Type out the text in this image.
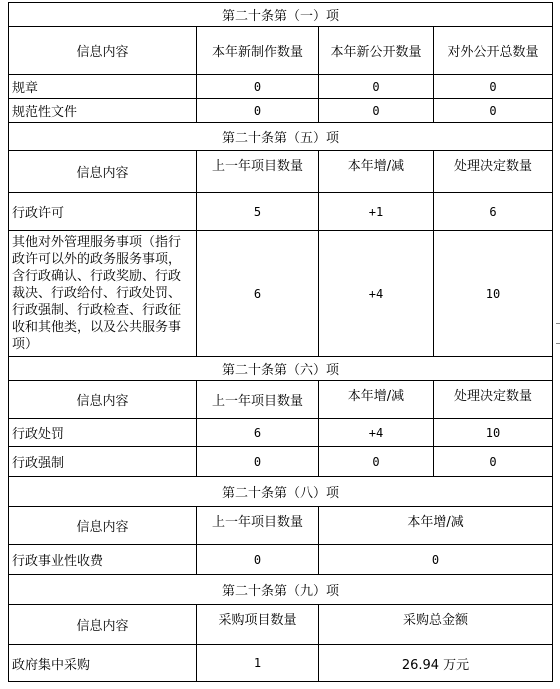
第二十条第（一）项			
信息内容	本年新制作数量	本年新公开数量	对外公开总数量
规章	0	0	0
规范性文件	0	0	0
第二十条第（五）项			
信息内容	上一年项目数量	本年增/减	处理决定数量
行政许可	5	+1	6
其他对外管理服务事项（指行政许可以外的政务服务事项，含行政确认、行政奖励、行政裁决、行政给付、行政处罚、行政强制、行政检查、行政征收和其他类，以及公共服务事项）	6	+4	10
第二十条第（六）项			
信息内容	上一年项目数量	本年增/减	处理决定数量
行政处罚	6	+4	10
行政强制	0	0	0
第二十条第（八）项			
信息内容	上一年项目数量	本年增/减	
行政事业性收费	0	0	
第二十条第（九）项			
信息内容	采购项目数量	采购总金额	
政府集中采购	1	26.94 万元	
